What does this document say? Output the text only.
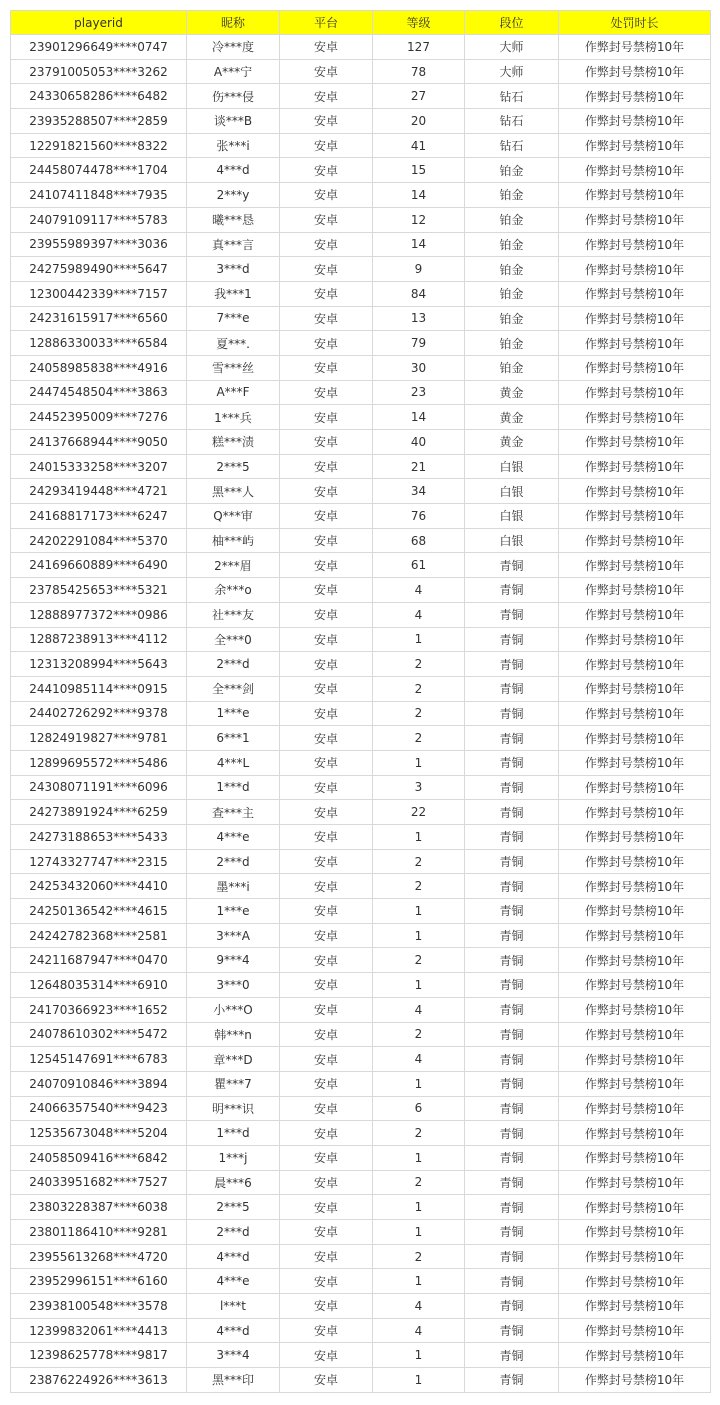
playerid	昵称	平台	等级	段位	处罚时长
23901296649****0747	冷***度	安卓	127	大师	作弊封号禁榜10年
23791005053****3262	A***宁	安卓	78	大师	作弊封号禁榜10年
24330658286****6482	伤***侵	安卓	27	钻石	作弊封号禁榜10年
23935288507****2859	谈***B	安卓	20	钻石	作弊封号禁榜10年
12291821560****8322	张***i	安卓	41	钻石	作弊封号禁榜10年
24458074478****1704	4***d	安卓	15	铂金	作弊封号禁榜10年
24107411848****7935	2***y	安卓	14	铂金	作弊封号禁榜10年
24079109117****5783	曦***恳	安卓	12	铂金	作弊封号禁榜10年
23955989397****3036	真***言	安卓	14	铂金	作弊封号禁榜10年
24275989490****5647	3***d	安卓	9	铂金	作弊封号禁榜10年
12300442339****7157	我***1	安卓	84	铂金	作弊封号禁榜10年
24231615917****6560	7***e	安卓	13	铂金	作弊封号禁榜10年
12886330033****6584	夏***.	安卓	79	铂金	作弊封号禁榜10年
24058985838****4916	雪***丝	安卓	30	铂金	作弊封号禁榜10年
24474548504****3863	A***F	安卓	23	黄金	作弊封号禁榜10年
24452395009****7276	1***兵	安卓	14	黄金	作弊封号禁榜10年
24137668944****9050	糕***渍	安卓	40	黄金	作弊封号禁榜10年
24015333258****3207	2***5	安卓	21	白银	作弊封号禁榜10年
24293419448****4721	黑***人	安卓	34	白银	作弊封号禁榜10年
24168817173****6247	Q***审	安卓	76	白银	作弊封号禁榜10年
24202291084****5370	柚***屿	安卓	68	白银	作弊封号禁榜10年
24169660889****6490	2***眉	安卓	61	青铜	作弊封号禁榜10年
23785425653****5321	余***o	安卓	4	青铜	作弊封号禁榜10年
12888977372****0986	社***友	安卓	4	青铜	作弊封号禁榜10年
12887238913****4112	全***0	安卓	1	青铜	作弊封号禁榜10年
12313208994****5643	2***d	安卓	2	青铜	作弊封号禁榜10年
24410985114****0915	全***剑	安卓	2	青铜	作弊封号禁榜10年
24402726292****9378	1***e	安卓	2	青铜	作弊封号禁榜10年
12824919827****9781	6***1	安卓	2	青铜	作弊封号禁榜10年
12899695572****5486	4***L	安卓	1	青铜	作弊封号禁榜10年
24308071191****6096	1***d	安卓	3	青铜	作弊封号禁榜10年
24273891924****6259	查***主	安卓	22	青铜	作弊封号禁榜10年
24273188653****5433	4***e	安卓	1	青铜	作弊封号禁榜10年
12743327747****2315	2***d	安卓	2	青铜	作弊封号禁榜10年
24253432060****4410	墨***i	安卓	2	青铜	作弊封号禁榜10年
24250136542****4615	1***e	安卓	1	青铜	作弊封号禁榜10年
24242782368****2581	3***A	安卓	1	青铜	作弊封号禁榜10年
24211687947****0470	9***4	安卓	2	青铜	作弊封号禁榜10年
12648035314****6910	3***0	安卓	1	青铜	作弊封号禁榜10年
24170366923****1652	小***O	安卓	4	青铜	作弊封号禁榜10年
24078610302****5472	韩***n	安卓	2	青铜	作弊封号禁榜10年
12545147691****6783	章***D	安卓	4	青铜	作弊封号禁榜10年
24070910846****3894	瞿***7	安卓	1	青铜	作弊封号禁榜10年
24066357540****9423	明***识	安卓	6	青铜	作弊封号禁榜10年
12535673048****5204	1***d	安卓	2	青铜	作弊封号禁榜10年
24058509416****6842	1***j	安卓	1	青铜	作弊封号禁榜10年
24033951682****7527	晨***6	安卓	2	青铜	作弊封号禁榜10年
23803228387****6038	2***5	安卓	1	青铜	作弊封号禁榜10年
23801186410****9281	2***d	安卓	1	青铜	作弊封号禁榜10年
23955613268****4720	4***d	安卓	2	青铜	作弊封号禁榜10年
23952996151****6160	4***e	安卓	1	青铜	作弊封号禁榜10年
23938100548****3578	l***t	安卓	4	青铜	作弊封号禁榜10年
12399832061****4413	4***d	安卓	4	青铜	作弊封号禁榜10年
12398625778****9817	3***4	安卓	1	青铜	作弊封号禁榜10年
23876224926****3613	黑***印	安卓	1	青铜	作弊封号禁榜10年
